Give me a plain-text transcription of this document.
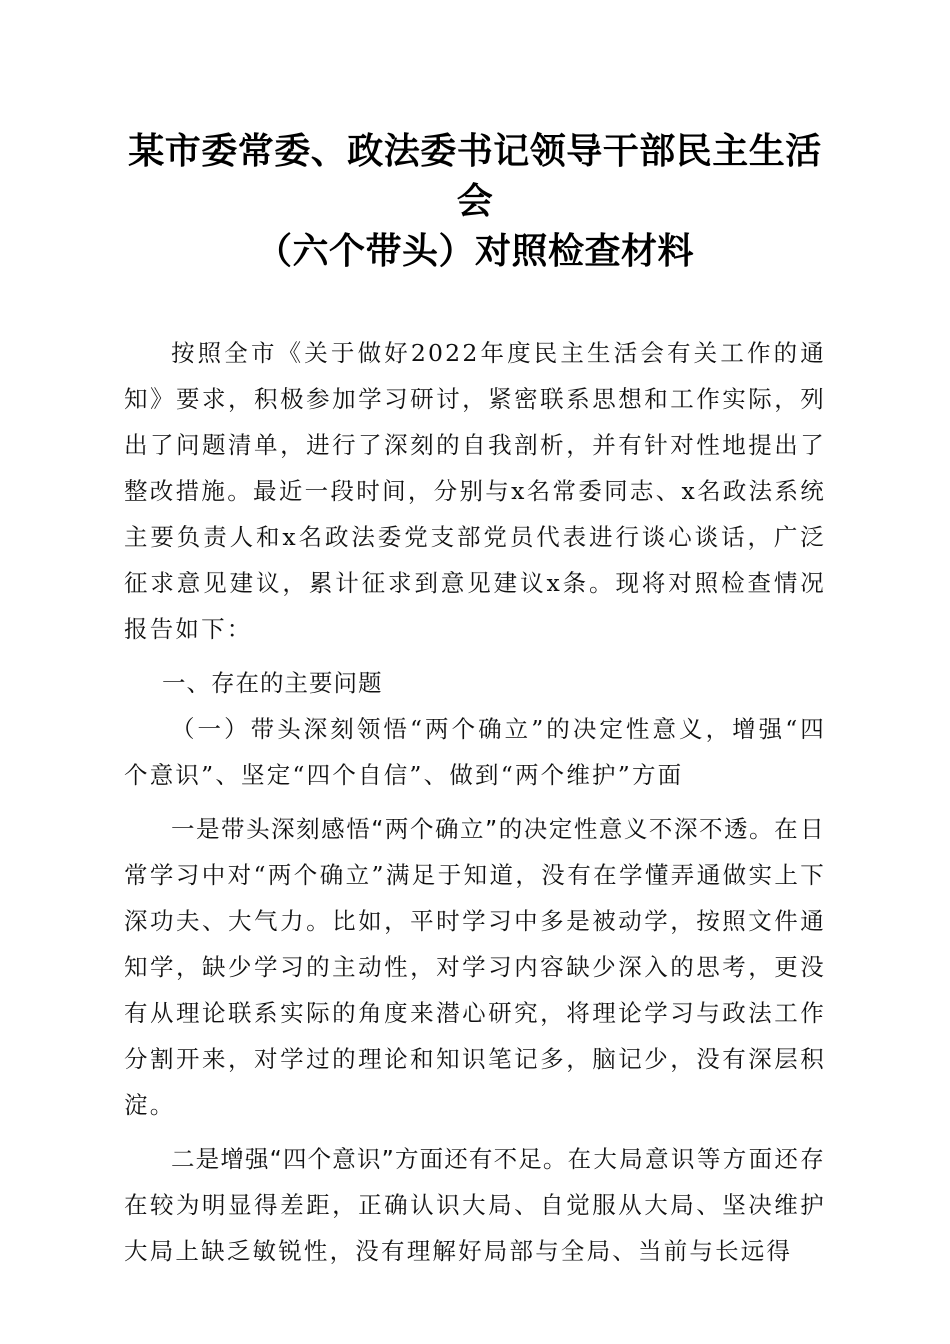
某市委常委、政法委书记领导干部民主生活会
（六个带头）对照检查材料

按照全市《关于做好2022年度民主生活会有关工作的通知》要求，积极参加学习研讨，紧密联系思想和工作实际，列出了问题清单，进行了深刻的自我剖析，并有针对性地提出了整改措施。最近一段时间，分别与x名常委同志、x名政法系统主要负责人和x名政法委党支部党员代表进行谈心谈话，广泛征求意见建议，累计征求到意见建议x条。现将对照检查情况报告如下：

一、存在的主要问题

（一）带头深刻领悟“两个确立”的决定性意义，增强“四个意识”、坚定“四个自信”、做到“两个维护”方面

一是带头深刻感悟“两个确立”的决定性意义不深不透。在日常学习中对“两个确立”满足于知道，没有在学懂弄通做实上下深功夫、大气力。比如，平时学习中多是被动学，按照文件通知学，缺少学习的主动性，对学习内容缺少深入的思考，更没有从理论联系实际的角度来潜心研究，将理论学习与政法工作分割开来，对学过的理论和知识笔记多，脑记少，没有深层积淀。

二是增强“四个意识”方面还有不足。在大局意识等方面还存在较为明显得差距，正确认识大局、自觉服从大局、坚决维护大局上缺乏敏锐性，没有理解好局部与全局、当前与长远得
